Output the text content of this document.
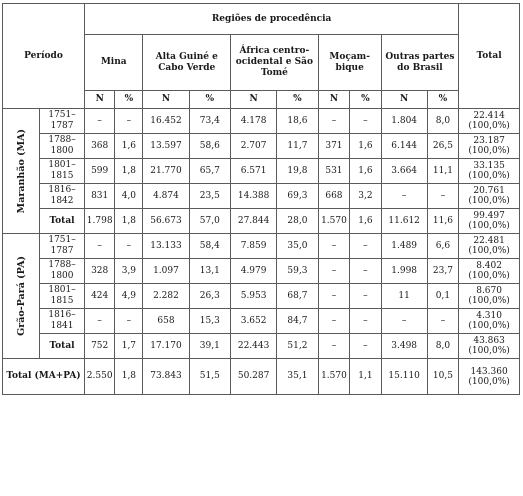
Período		Regiões de procedência										Total
		Mina		Alta Guiné e Cabo Verde		África centro-ocidental e São Tomé		Moçam-bique		Outras partes do Brasil		
		N	%	N	%	N	%	N	%	N	%	

Maranhão (MA)	1751–1787	–	–	16.452	73,4	4.178	18,6	–	–	1.804	8,0	22.414
(100,0%)
	1788–1800	368	1,6	13.597	58,6	2.707	11,7	371	1,6	6.144	26,5	23.187
(100,0%)
	1801–1815	599	1,8	21.770	65,7	6.571	19,8	531	1,6	3.664	11,1	33.135
(100,0%)
	1816–1842	831	4,0	4.874	23,5	14.388	69,3	668	3,2	–	–	20.761
(100,0%)
	Total	1.798	1,8	56.673	57,0	27.844	28,0	1.570	1,6	11.612	11,6	99.497
(100,0%)

Grão-Pará (PA)	1751–1787	–	–	13.133	58,4	7.859	35,0	–	–	1.489	6,6	22.481
(100,0%)
	1788–1800	328	3,9	1.097	13,1	4.979	59,3	–	–	1.998	23,7	8.402
(100,0%)
	1801–1815	424	4,9	2.282	26,3	5.953	68,7	–	–	11	0,1	8.670
(100,0%)
	1816–1841	–	–	658	15,3	3.652	84,7	–	–	–	–	4.310
(100,0%)
	Total	752	1,7	17.170	39,1	22.443	51,2	–	–	3.498	8,0	43.863
(100,0%)
Total (MA+PA)		2.550	1,8	73.843	51,5	50.287	35,1	1.570	1,1	15.110	10,5	143.360
(100,0%)
